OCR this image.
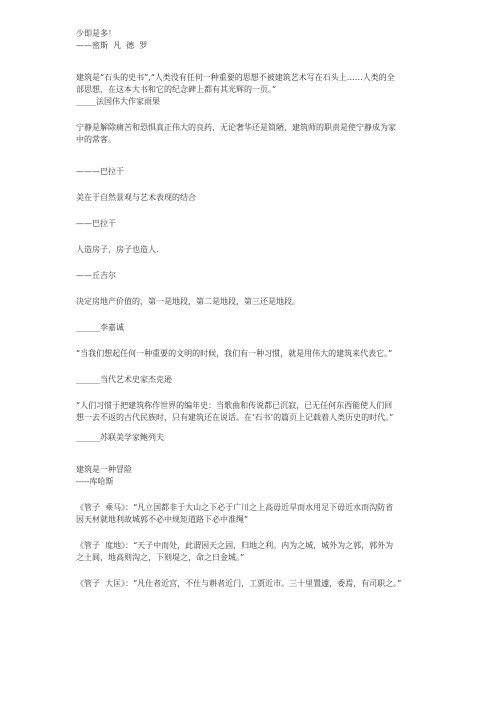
少即是多！

——密斯  凡  德  罗

建筑是“石头的史书”,“人类没有任何一种重要的思想不被建筑艺术写在石头上……人类的全

部思想，在这本大书和它的纪念碑上都有其光辉的一页。”

_____法国伟大作家雨果

宁静是解除痛苦和恐惧真正伟大的良药，无论奢华还是简陋，建筑师的职责是使宁静成为家

中的常客。

———巴拉干

美在于自然景观与艺术表现的结合

——巴拉干

人造房子，房子也造人.

——丘吉尔

决定房地产价值的，第一是地段，第二是地段，第三还是地段。

______李嘉诚

“当我们想起任何一种重要的文明的时候，我们有一种习惯，就是用伟大的建筑来代表它。”

______当代艺术史家杰克逊

“人们习惯于把建筑称作世界的编年史：当歌曲和传说都已沉寂，已无任何东西能使人们回

想一去不返的古代民族时，只有建筑还在说话。在‘石书’的篇页上记载着人类历史的时代。”

______苏联美学家鲍列夫

建筑是一种冒险

-----库哈斯

《管子  乘马》：“凡立国都非于大山之下必于广川之上高毋近旱而水用足下毋近水而沟防省

因天材就地利故城郭不必中规矩道路下必中准绳”

《管子  度地》：“天子中而处，此谓因天之固，归地之利。内为之城，城外为之郭，郭外为

之土阆，地高则沟之，下则堤之，命之曰金城。”

《管子  大匡》：“凡仕者近宫，不仕与耕者近门，工贾近市。三十里置遽，委焉，有司职之。”
